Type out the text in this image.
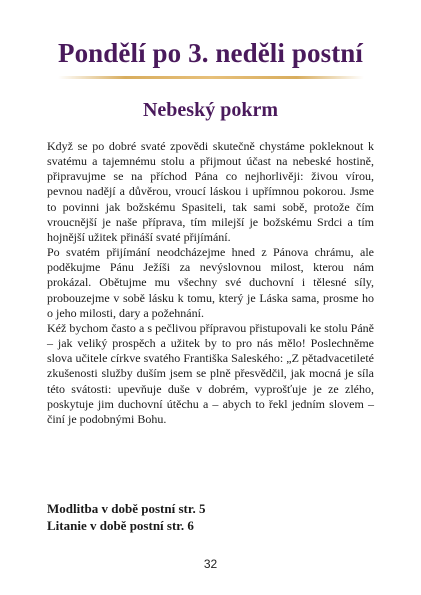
Pondělí po 3. neděli postní
Nebeský pokrm

Když se po dobré svaté zpovědi skutečně chystáme pokleknout k svatému a tajemnému stolu a přijmout účast na nebeské hostině, připravujme se na příchod Pána co nejhorlivěji: živou vírou, pevnou nadějí a důvěrou, vroucí láskou i upřímnou pokorou. Jsme to povinni jak božskému Spasiteli, tak sami sobě, protože čím vroucnější je naše příprava, tím milejší je božskému Srdci a tím hojnější užitek přináší svaté přijímání.

Po svatém přijímání neodcházejme hned z Pánova chrámu, ale poděkujme Pánu Ježíši za nevýslovnou milost, kterou nám prokázal. Obětujme mu všechny své duchovní i tělesné síly, probouzejme v sobě lásku k tomu, který je Láska sama, prosme ho o jeho milosti, dary a požehnání.

Kéž bychom často a s pečlivou přípravou přistupovali ke stolu Páně – jak veliký prospěch a užitek by to pro nás mělo! Poslechněme slova učitele církve svatého Františka Saleského: „Z pětadvacetileté zkušenosti služby duším jsem se plně přesvědčil, jak mocná je síla této svátosti: upevňuje duše v dobrém, vyprošťuje je ze zlého, poskytuje jim duchovní útěchu a – abych to řekl jedním slovem – činí je podobnými Bohu.

Modlitba v době postní str. 5
Litanie v době postní str. 6
32
